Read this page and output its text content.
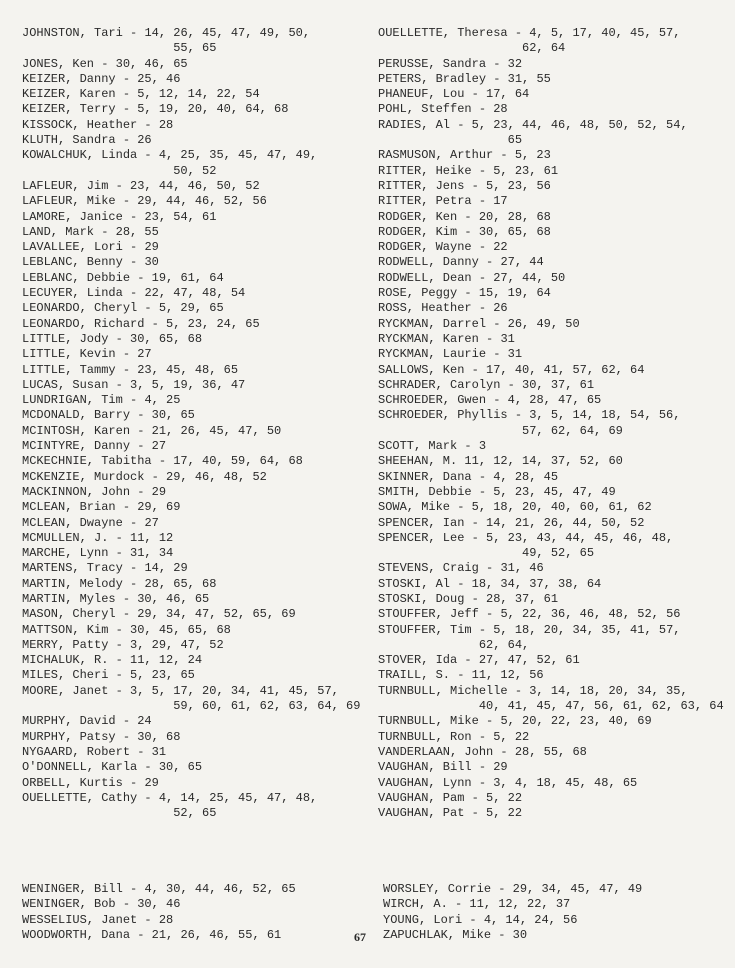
JOHNSTON, Tari - 14, 26, 45, 47, 49, 50,
55, 65
JONES, Ken - 30, 46, 65
KEIZER, Danny - 25, 46
KEIZER, Karen - 5, 12, 14, 22, 54
KEIZER, Terry - 5, 19, 20, 40, 64, 68
KISSOCK, Heather - 28
KLUTH, Sandra - 26
KOWALCHUK, Linda - 4, 25, 35, 45, 47, 49,
50, 52
LAFLEUR, Jim - 23, 44, 46, 50, 52
LAFLEUR, Mike - 29, 44, 46, 52, 56
LAMORE, Janice - 23, 54, 61
LAND, Mark - 28, 55
LAVALLEE, Lori - 29
LEBLANC, Benny - 30
LEBLANC, Debbie - 19, 61, 64
LECUYER, Linda - 22, 47, 48, 54
LEONARDO, Cheryl - 5, 29, 65
LEONARDO, Richard - 5, 23, 24, 65
LITTLE, Jody - 30, 65, 68
LITTLE, Kevin - 27
LITTLE, Tammy - 23, 45, 48, 65
LUCAS, Susan - 3, 5, 19, 36, 47
LUNDRIGAN, Tim - 4, 25
MCDONALD, Barry - 30, 65
MCINTOSH, Karen - 21, 26, 45, 47, 50
MCINTYRE, Danny - 27
MCKECHNIE, Tabitha - 17, 40, 59, 64, 68
MCKENZIE, Murdock - 29, 46, 48, 52
MACKINNON, John - 29
MCLEAN, Brian - 29, 69
MCLEAN, Dwayne - 27
MCMULLEN, J. - 11, 12
MARCHE, Lynn - 31, 34
MARTENS, Tracy - 14, 29
MARTIN, Melody - 28, 65, 68
MARTIN, Myles - 30, 46, 65
MASON, Cheryl - 29, 34, 47, 52, 65, 69
MATTSON, Kim - 30, 45, 65, 68
MERRY, Patty - 3, 29, 47, 52
MICHALUK, R. - 11, 12, 24
MILES, Cheri - 5, 23, 65
MOORE, Janet - 3, 5, 17, 20, 34, 41, 45, 57,
59, 60, 61, 62, 63, 64, 69
MURPHY, David - 24
MURPHY, Patsy - 30, 68
NYGAARD, Robert - 31
O'DONNELL, Karla - 30, 65
ORBELL, Kurtis - 29
OUELLETTE, Cathy - 4, 14, 25, 45, 47, 48,
52, 65
OUELLETTE, Theresa - 4, 5, 17, 40, 45, 57,
62, 64
PERUSSE, Sandra - 32
PETERS, Bradley - 31, 55
PHANEUF, Lou - 17, 64
POHL, Steffen - 28
RADIES, Al - 5, 23, 44, 46, 48, 50, 52, 54,
65
RASMUSON, Arthur - 5, 23
RITTER, Heike - 5, 23, 61
RITTER, Jens - 5, 23, 56
RITTER, Petra - 17
RODGER, Ken - 20, 28, 68
RODGER, Kim - 30, 65, 68
RODGER, Wayne - 22
RODWELL, Danny - 27, 44
RODWELL, Dean - 27, 44, 50
ROSE, Peggy - 15, 19, 64
ROSS, Heather - 26
RYCKMAN, Darrel - 26, 49, 50
RYCKMAN, Karen - 31
RYCKMAN, Laurie - 31
SALLOWS, Ken - 17, 40, 41, 57, 62, 64
SCHRADER, Carolyn - 30, 37, 61
SCHROEDER, Gwen - 4, 28, 47, 65
SCHROEDER, Phyllis - 3, 5, 14, 18, 54, 56,
57, 62, 64, 69
SCOTT, Mark - 3
SHEEHAN, M. 11, 12, 14, 37, 52, 60
SKINNER, Dana - 4, 28, 45
SMITH, Debbie - 5, 23, 45, 47, 49
SOWA, Mike - 5, 18, 20, 40, 60, 61, 62
SPENCER, Ian - 14, 21, 26, 44, 50, 52
SPENCER, Lee - 5, 23, 43, 44, 45, 46, 48,
49, 52, 65
STEVENS, Craig - 31, 46
STOSKI, Al - 18, 34, 37, 38, 64
STOSKI, Doug - 28, 37, 61
STOUFFER, Jeff - 5, 22, 36, 46, 48, 52, 56
STOUFFER, Tim - 5, 18, 20, 34, 35, 41, 57,
62, 64,
STOVER, Ida - 27, 47, 52, 61
TRAILL, S. - 11, 12, 56
TURNBULL, Michelle - 3, 14, 18, 20, 34, 35,
40, 41, 45, 47, 56, 61, 62, 63, 64
TURNBULL, Mike - 5, 20, 22, 23, 40, 69
TURNBULL, Ron - 5, 22
VANDERLAAN, John - 28, 55, 68
VAUGHAN, Bill - 29
VAUGHAN, Lynn - 3, 4, 18, 45, 48, 65
VAUGHAN, Pam - 5, 22
VAUGHAN, Pat - 5, 22
WENINGER, Bill - 4, 30, 44, 46, 52, 65
WENINGER, Bob - 30, 46
WESSELIUS, Janet - 28
WOODWORTH, Dana - 21, 26, 46, 55, 61
WORSLEY, Corrie - 29, 34, 45, 47, 49
WIRCH, A. - 11, 12, 22, 37
YOUNG, Lori - 4, 14, 24, 56
ZAPUCHLAK, Mike - 30
67
